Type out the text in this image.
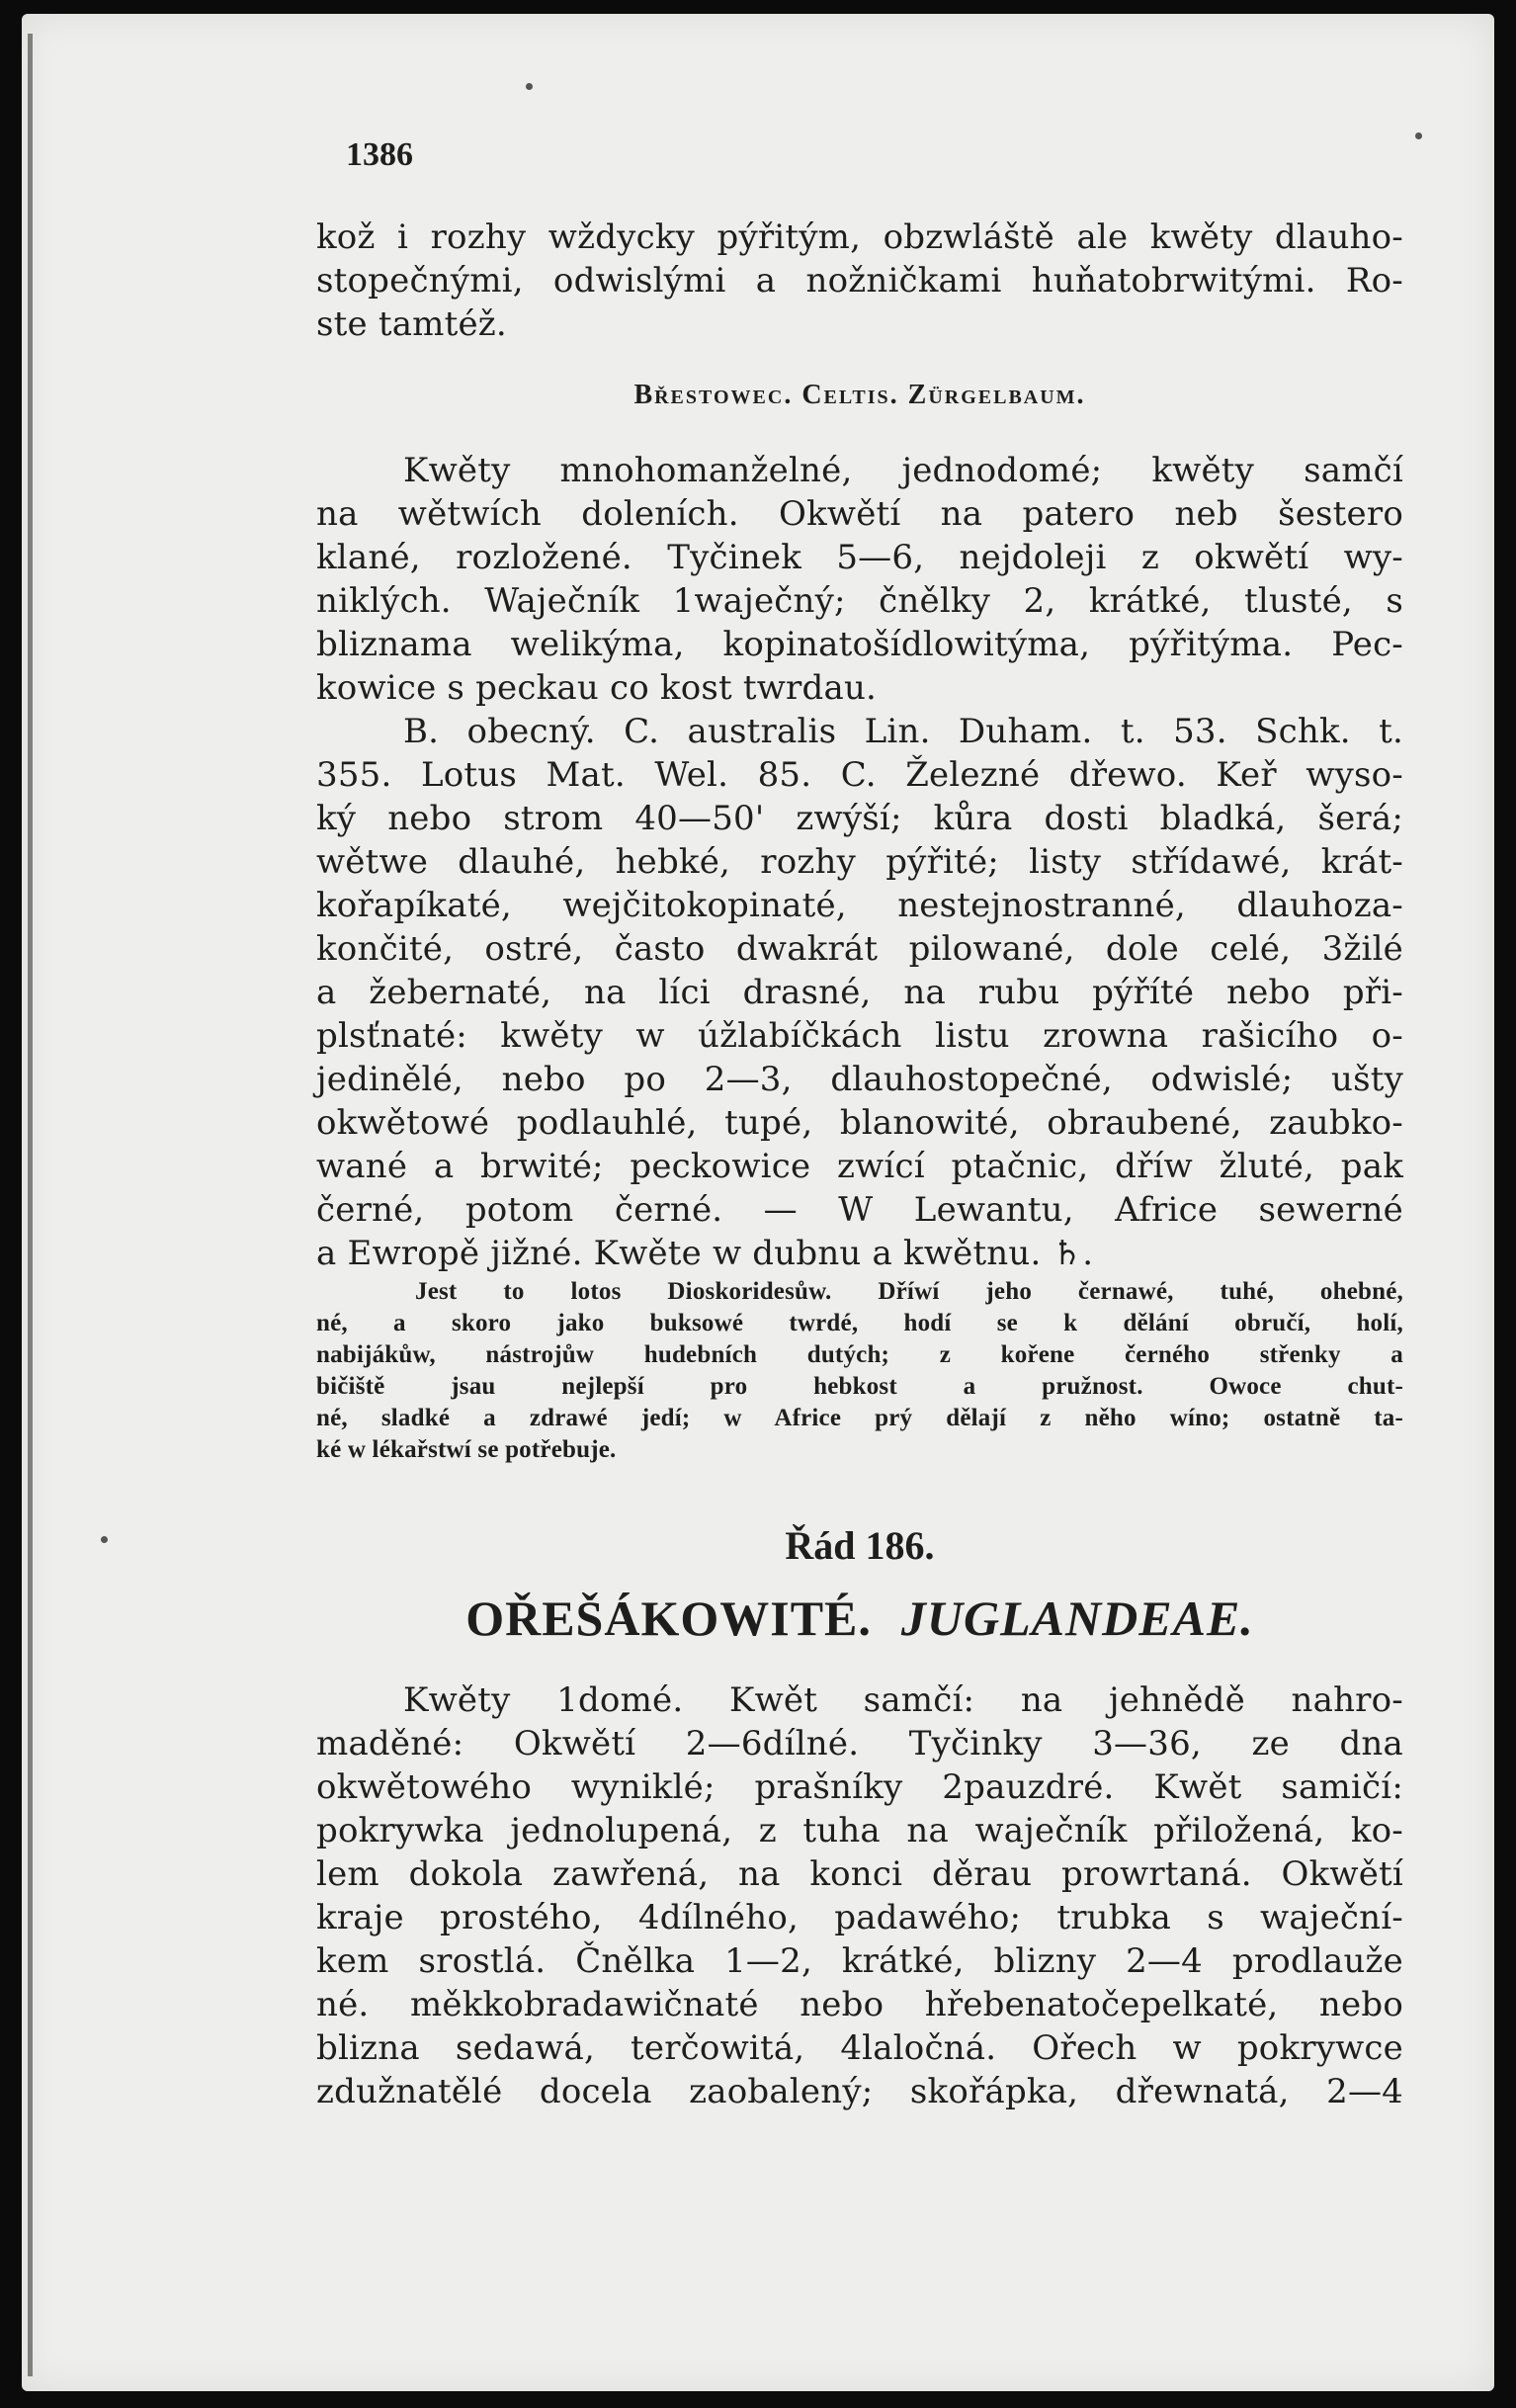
1386
kož i rozhy wždycky pýřitým, obzwláště ale kwěty dlauho-
stopečnými, odwislými a nožničkami huňatobrwitými. Ro-
ste tamtéž.
Břestowec. Celtis. Zürgelbaum.
Kwěty mnohomanželné, jednodomé; kwěty samčí
na wětwích doleních. Okwětí na patero neb šestero
klané, rozložené. Tyčinek 5—6, nejdoleji z okwětí wy-
niklých. Waječník 1waječný; čnělky 2, krátké, tlusté, s
bliznama welikýma, kopinatošídlowitýma, pýřitýma. Pec-
kowice s peckau co kost twrdau.
B. obecný. C. australis Lin. Duham. t. 53. Schk. t.
355. Lotus Mat. Wel. 85. C. Železné dřewo. Keř wyso-
ký nebo strom 40—50' zwýší; kůra dosti bladká, šerá;
wětwe dlauhé, hebké, rozhy pýřité; listy střídawé, krát-
kořapíkaté, wejčitokopinaté, nestejnostranné, dlauhoza-
končité, ostré, často dwakrát pilowané, dole celé, 3žilé
a žebernaté, na líci drasné, na rubu pýříté nebo při-
plsťnaté: kwěty w úžlabíčkách listu zrowna rašicího o-
jedinělé, nebo po 2—3, dlauhostopečné, odwislé; ušty
okwětowé podlauhlé, tupé, blanowité, obraubené, zaubko-
wané a brwité; peckowice zwící ptačnic, dříw žluté, pak
černé, potom černé. — W Lewantu, Africe sewerné
a Ewropě jižné. Kwěte w dubnu a kwětnu. ♄.
Jest to lotos Dioskoridesůw. Dříwí jeho černawé, tuhé, ohebné,
né, a skoro jako buksowé twrdé, hodí se k dělání obručí, holí,
nabijákůw, nástrojůw hudebních dutých; z kořene černého střenky a
bičiště jsau nejlepší pro hebkost a pružnost. Owoce chut-
né, sladké a zdrawé jedí; w Africe prý dělají z něho wíno; ostatně ta-
ké w lékařstwí se potřebuje.
Řád 186.
OŘEŠÁKOWITÉ. JUGLANDEAE.
Kwěty 1domé. Kwět samčí: na jehnědě nahro-
maděné: Okwětí 2—6dílné. Tyčinky 3—36, ze dna
okwětowého wyniklé; prašníky 2pauzdré. Kwět samičí:
pokrywka jednolupená, z tuha na waječník přiložená, ko-
lem dokola zawřená, na konci děrau prowrtaná. Okwětí
kraje prostého, 4dílného, padawého; trubka s waječní-
kem srostlá. Čnělka 1—2, krátké, blizny 2—4 prodlauže
né. měkkobradawičnaté nebo hřebenatočepelkaté, nebo
blizna sedawá, terčowitá, 4laločná. Ořech w pokrywce
zdužnatělé docela zaobalený; skořápka, dřewnatá, 2—4
